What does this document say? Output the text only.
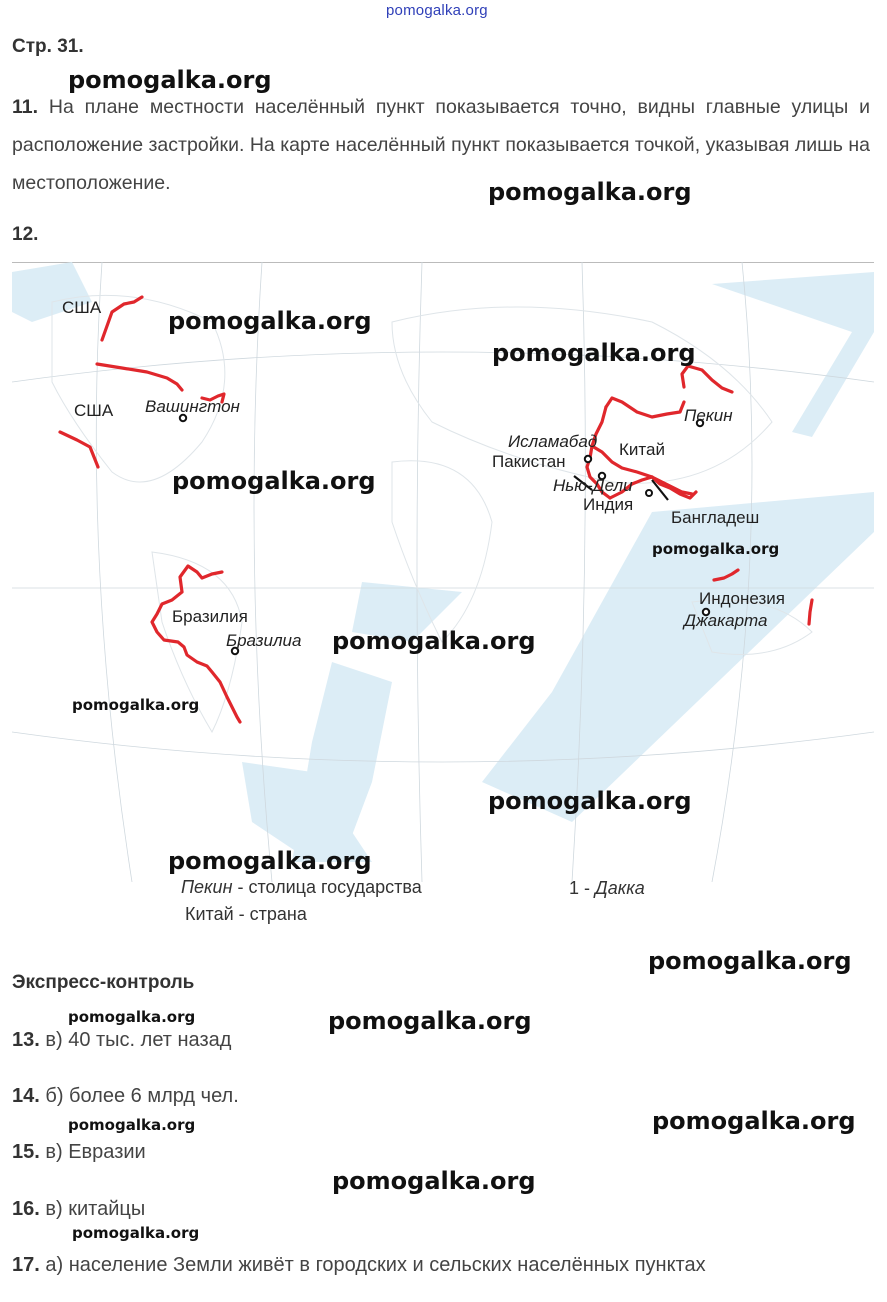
pomogalka.org
Стр. 31.
11. На плане местности населённый пункт показывается точно, видны главные улицы и расположение застройки. На карте населённый пункт показывается точкой, указывая лишь на местоположение.
12.
США
США Вашингтон
Бразилия
Бразилиа
Исламабад
Пакистан
Китай
Пекин
Нью-Дели
Индия
Бангладеш
Индонезия
Джакарта
Пекин - столица государства
Китай - страна
1 - Дакка
Экспресс-контроль
13. в) 40 тыс. лет назад
14. б) более 6 млрд чел.
15. в) Евразии
16. в) китайцы
17. а) население Земли живёт в городских и сельских населённых пунктах
pomogalka.org
pomogalka.org
pomogalka.org
pomogalka.org
pomogalka.org
pomogalka.org
pomogalka.org
pomogalka.org
pomogalka.org
pomogalka.org
pomogalka.org
pomogalka.org	pomogalka.org
pomogalka.org
pomogalka.org
pomogalka.org
pomogalka.org
